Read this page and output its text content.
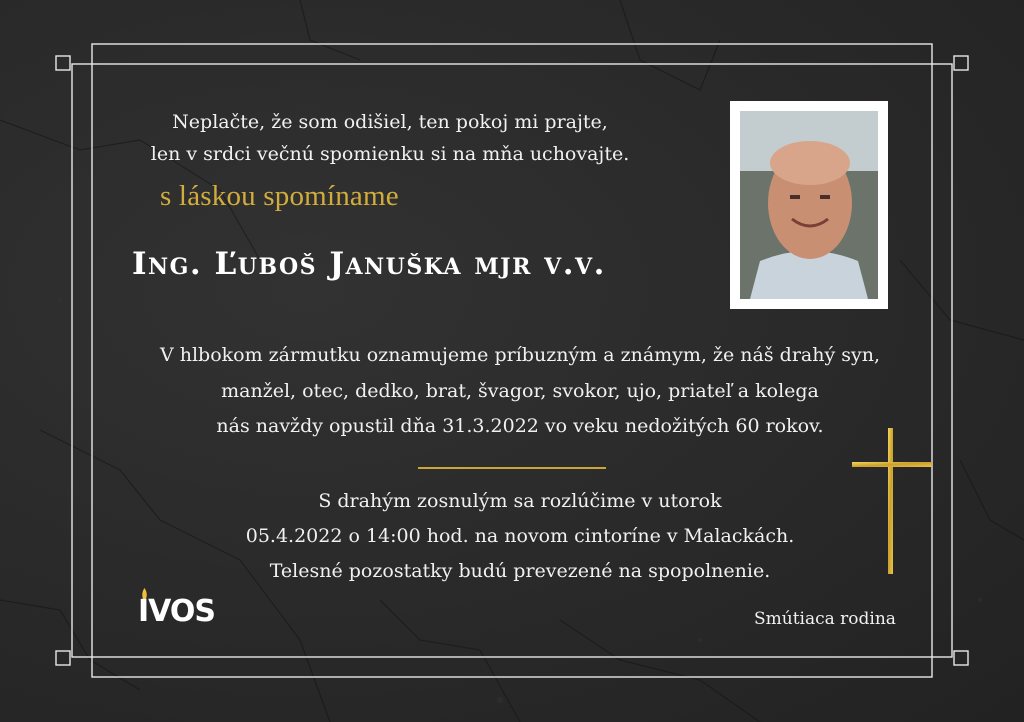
Neplačte, že som odišiel, ten pokoj mi prajte,
len v srdci večnú spomienku si na mňa uchovajte.
s láskou spomíname
Ing. Ľuboš Januška mjr v.v.
V hlbokom zármutku oznamujeme príbuzným a známym, že náš drahý syn,
manžel, otec, dedko, brat, švagor, svokor, ujo, priateľ a kolega
nás navždy opustil dňa 31.3.2022 vo veku nedožitých 60 rokov.
S drahým zosnulým sa rozlúčime v utorok
05.4.2022 o 14:00 hod. na novom cintoríne v Malackách.
Telesné pozostatky budú prevezené na spopolnenie.
IVOS	Smútiaca rodina
